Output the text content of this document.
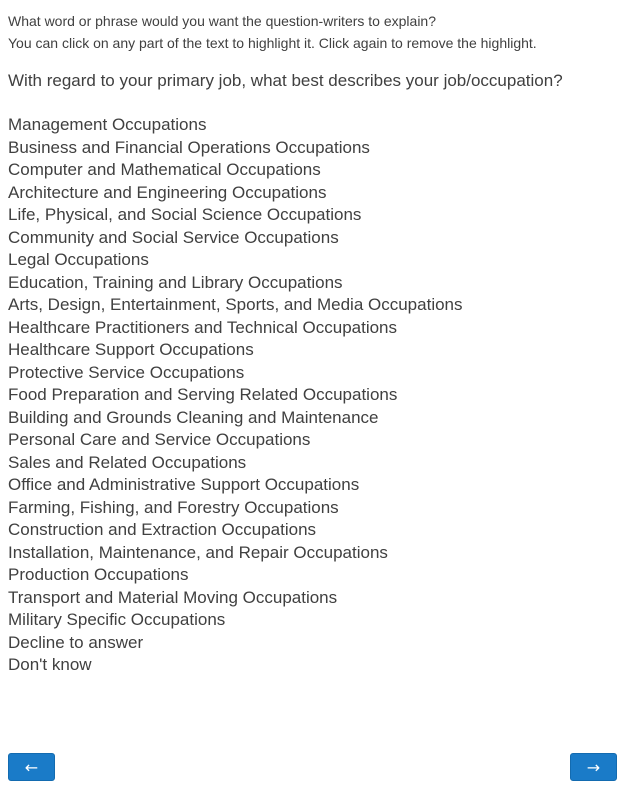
What word or phrase would you want the question-writers to explain?
You can click on any part of the text to highlight it. Click again to remove the highlight.
With regard to your primary job, what best describes your job/occupation?
Management Occupations
Business and Financial Operations Occupations
Computer and Mathematical Occupations
Architecture and Engineering Occupations
Life, Physical, and Social Science Occupations
Community and Social Service Occupations
Legal Occupations
Education, Training and Library Occupations
Arts, Design, Entertainment, Sports, and Media Occupations
Healthcare Practitioners and Technical Occupations
Healthcare Support Occupations
Protective Service Occupations
Food Preparation and Serving Related Occupations
Building and Grounds Cleaning and Maintenance
Personal Care and Service Occupations
Sales and Related Occupations
Office and Administrative Support Occupations
Farming, Fishing, and Forestry Occupations
Construction and Extraction Occupations
Installation, Maintenance, and Repair Occupations
Production Occupations
Transport and Material Moving Occupations
Military Specific Occupations
Decline to answer
Don't know
←	→
